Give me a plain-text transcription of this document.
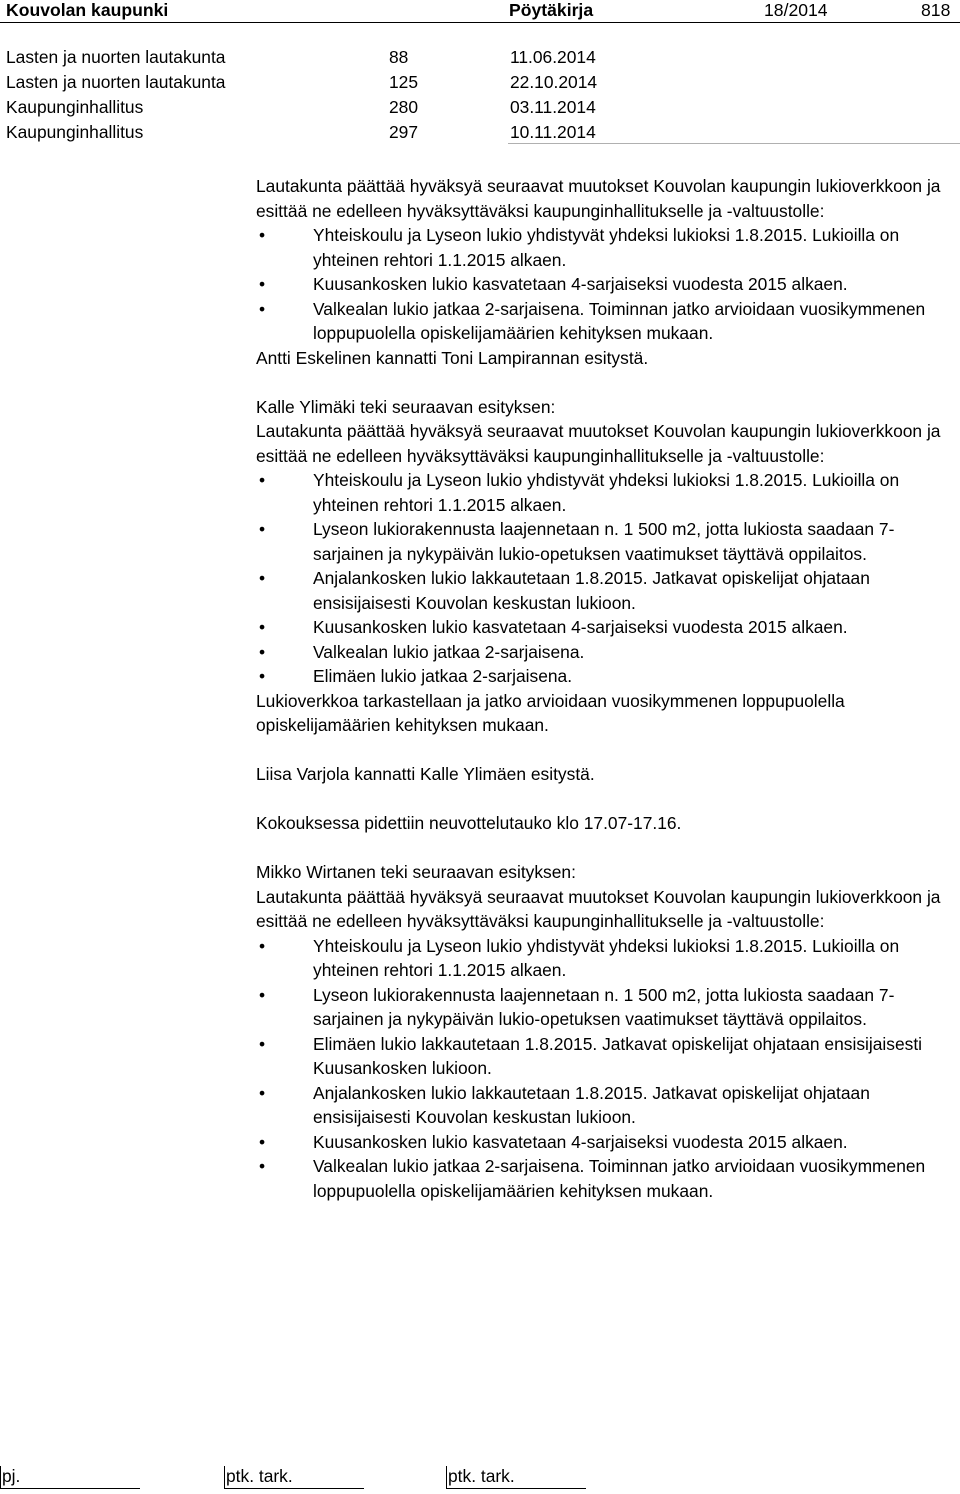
Kouvolan kaupunki	Pöytäkirja	18/2014	818
Lasten ja nuorten lautakunta	88	11.06.2014
Lasten ja nuorten lautakunta	125	22.10.2014
Kaupunginhallitus	280	03.11.2014
Kaupunginhallitus	297	10.11.2014

Lautakunta päättää hyväksyä seuraavat muutokset Kouvolan kaupungin lukioverkkoon ja esittää ne edelleen hyväksyttäväksi kaupunginhallitukselle ja -valtuustolle:

•	Yhteiskoulu ja Lyseon lukio yhdistyvät yhdeksi lukioksi 1.8.2015. Lukioilla on yhteinen rehtori 1.1.2015 alkaen.
•	Kuusankosken lukio kasvatetaan 4-sarjaiseksi vuodesta 2015 alkaen.
•	Valkealan lukio jatkaa 2-sarjaisena. Toiminnan jatko arvioidaan vuosikymmenen loppupuolella opiskelijamäärien kehityksen mukaan.

Antti Eskelinen kannatti Toni Lampirannan esitystä.

Kalle Ylimäki teki seuraavan esityksen:

Lautakunta päättää hyväksyä seuraavat muutokset Kouvolan kaupungin lukioverkkoon ja esittää ne edelleen hyväksyttäväksi kaupunginhallitukselle ja -valtuustolle:

•	Yhteiskoulu ja Lyseon lukio yhdistyvät yhdeksi lukioksi 1.8.2015. Lukioilla on yhteinen rehtori 1.1.2015 alkaen.
•	Lyseon lukiorakennusta laajennetaan n. 1 500 m2, jotta lukiosta saadaan 7-sarjainen ja nykypäivän lukio-opetuksen vaatimukset täyttävä oppilaitos.
•	Anjalankosken lukio lakkautetaan 1.8.2015. Jatkavat opiskelijat ohjataan ensisijaisesti Kouvolan keskustan lukioon.
•	Kuusankosken lukio kasvatetaan 4-sarjaiseksi vuodesta 2015 alkaen.
•	Valkealan lukio jatkaa 2-sarjaisena.
•	Elimäen lukio jatkaa 2-sarjaisena.

Lukioverkkoa tarkastellaan ja jatko arvioidaan vuosikymmenen loppupuolella opiskelijamäärien kehityksen mukaan.

Liisa Varjola kannatti Kalle Ylimäen esitystä.

Kokouksessa pidettiin neuvottelutauko klo 17.07-17.16.

Mikko Wirtanen teki seuraavan esityksen:

Lautakunta päättää hyväksyä seuraavat muutokset Kouvolan kaupungin lukioverkkoon ja esittää ne edelleen hyväksyttäväksi kaupunginhallitukselle ja -valtuustolle:

•	Yhteiskoulu ja Lyseon lukio yhdistyvät yhdeksi lukioksi 1.8.2015. Lukioilla on yhteinen rehtori 1.1.2015 alkaen.
•	Lyseon lukiorakennusta laajennetaan n. 1 500 m2, jotta lukiosta saadaan 7-sarjainen ja nykypäivän lukio-opetuksen vaatimukset täyttävä oppilaitos.
•	Elimäen lukio lakkautetaan 1.8.2015. Jatkavat opiskelijat ohjataan ensisijaisesti Kuusankosken lukioon.
•	Anjalankosken lukio lakkautetaan 1.8.2015. Jatkavat opiskelijat ohjataan ensisijaisesti Kouvolan keskustan lukioon.
•	Kuusankosken lukio kasvatetaan 4-sarjaiseksi vuodesta 2015 alkaen.
•	Valkealan lukio jatkaa 2-sarjaisena. Toiminnan jatko arvioidaan vuosikymmenen loppupuolella opiskelijamäärien kehityksen mukaan.
pj.	ptk. tark.	ptk. tark.
